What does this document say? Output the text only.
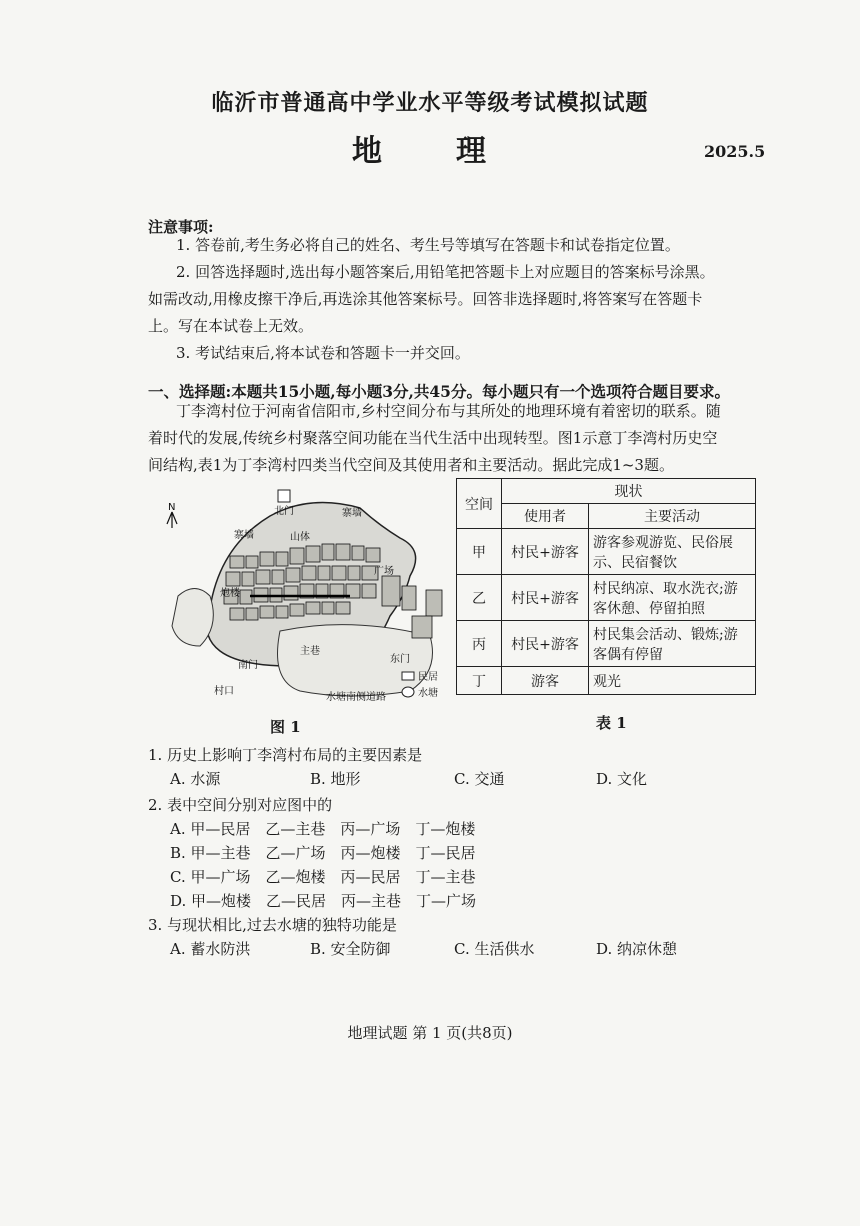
临沂市普通高中学业水平等级考试模拟试题
地　理	2025.5
注意事项:
1. 答卷前,考生务必将自己的姓名、考生号等填写在答题卡和试卷指定位置。
2. 回答选择题时,选出每小题答案后,用铅笔把答题卡上对应题目的答案标号涂黑。
如需改动,用橡皮擦干净后,再选涂其他答案标号。回答非选择题时,将答案写在答题卡
上。写在本试卷上无效。
3. 考试结束后,将本试卷和答题卡一并交回。
一、选择题:本题共15小题,每小题3分,共45分。每小题只有一个选项符合题目要求。
丁李湾村位于河南省信阳市,乡村空间分布与其所处的地理环境有着密切的联系。随
着时代的发展,传统乡村聚落空间功能在当代生活中出现转型。图1示意丁李湾村历史空
间结构,表1为丁李湾村四类当代空间及其使用者和主要活动。据此完成1~3题。
N	北门	寨墙
寨墙	山体
炮楼
主巷
广场
南门
村口
东门
水塘南侧道路
民居
水塘
图 1
空间	现状	
	使用者	主要活动
甲	村民+游客	游客参观游览、民俗展示、民宿餐饮
乙	村民+游客	村民纳凉、取水洗衣;游客休憩、停留拍照
丙	村民+游客	村民集会活动、锻炼;游客偶有停留
丁	游客	观光
表 1
1. 历史上影响丁李湾村布局的主要因素是
A. 水源	B. 地形	C. 交通	D. 文化
2. 表中空间分别对应图中的
A. 甲—民居　乙—主巷　丙—广场　丁—炮楼
B. 甲—主巷　乙—广场　丙—炮楼　丁—民居
C. 甲—广场　乙—炮楼　丙—民居　丁—主巷
D. 甲—炮楼　乙—民居　丙—主巷　丁—广场
3. 与现状相比,过去水塘的独特功能是
A. 蓄水防洪	B. 安全防御	C. 生活供水	D. 纳凉休憩
地理试题 第 1 页(共8页)
